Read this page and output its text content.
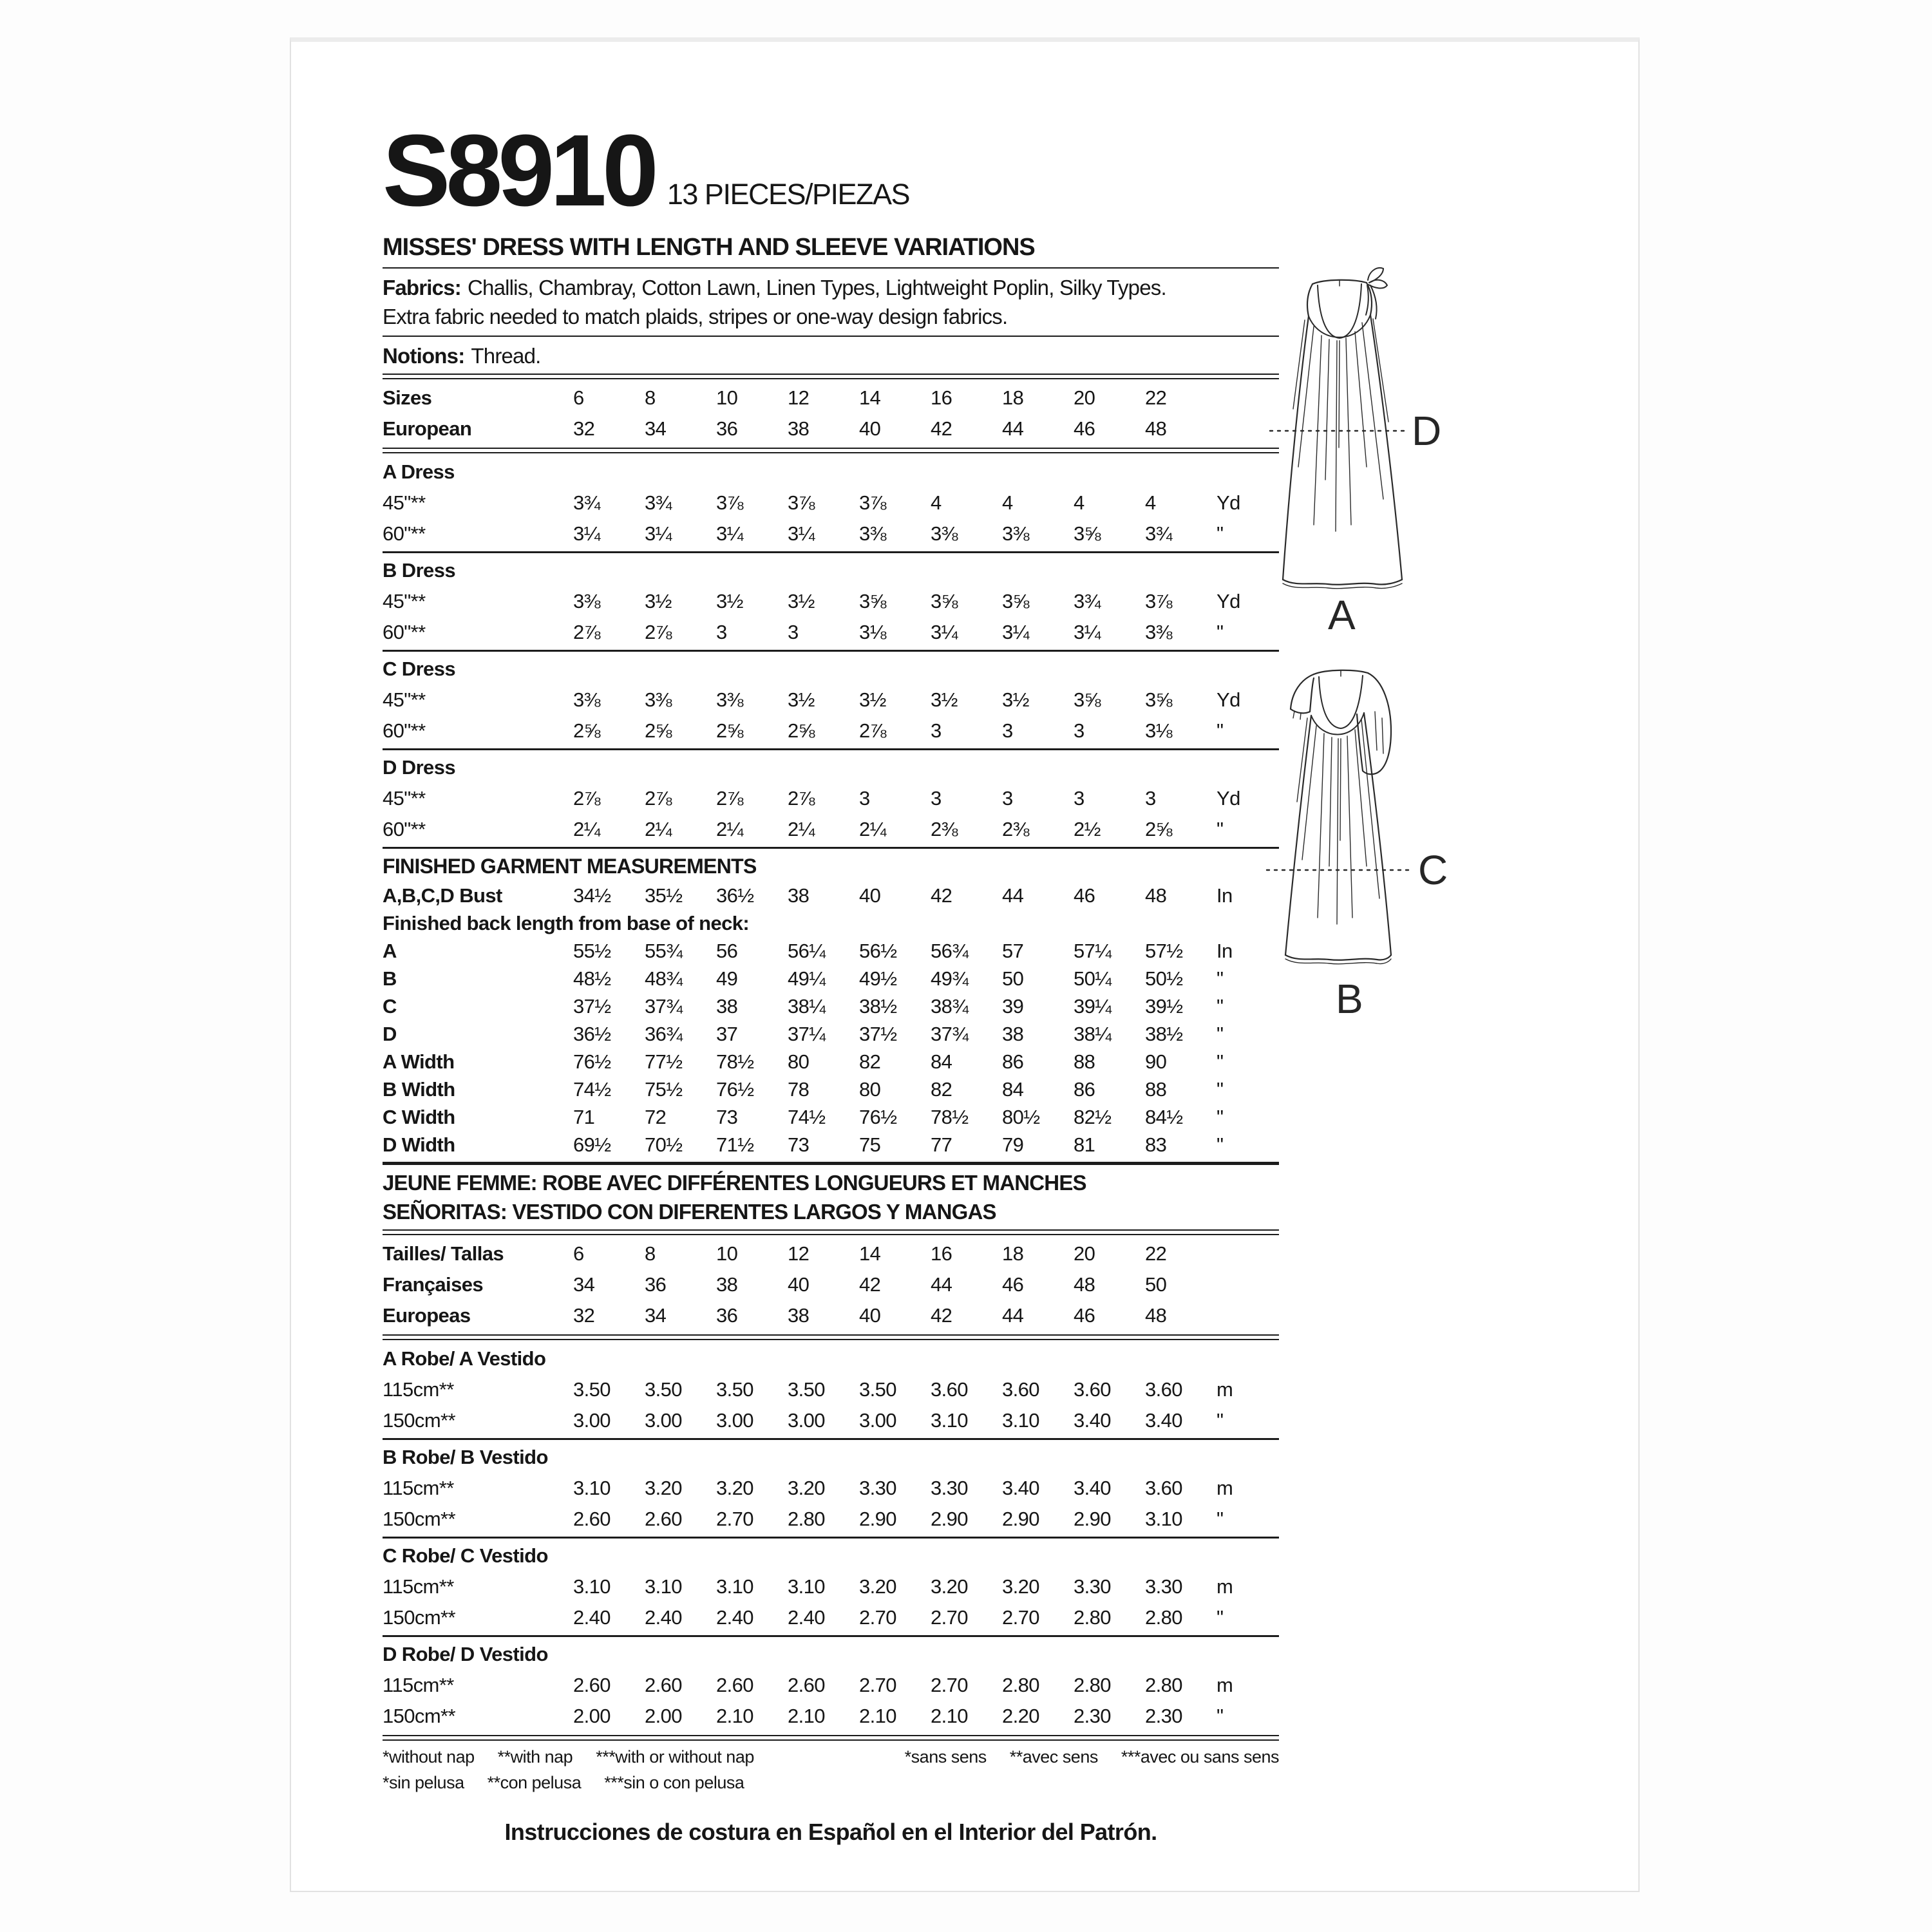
S8910 13 PIECES/PIEZAS
MISSES' DRESS WITH LENGTH AND SLEEVE VARIATIONS

Fabrics: Challis, Chambray, Cotton Lawn, Linen Types, Lightweight Poplin, Silky Types.

Extra fabric needed to match plaids, stripes or one-way design fabrics.

Notions: Thread.

Sizes	6	8	10	12	14	16	18	20	22
European	32	34	36	38	40	42	44	46	48
A Dress
45"**	3¾	3¾	3⅞	3⅞	3⅞	4	4	4	4	Yd
60"**	3¼	3¼	3¼	3¼	3⅜	3⅜	3⅜	3⅝	3¾	"
B Dress
45"**	3⅜	3½	3½	3½	3⅝	3⅝	3⅝	3¾	3⅞	Yd
60"**	2⅞	2⅞	3	3	3⅛	3¼	3¼	3¼	3⅜	"
C Dress
45"**	3⅜	3⅜	3⅜	3½	3½	3½	3½	3⅝	3⅝	Yd
60"**	2⅝	2⅝	2⅝	2⅝	2⅞	3	3	3	3⅛	"
D Dress
45"**	2⅞	2⅞	2⅞	2⅞	3	3	3	3	3	Yd
60"**	2¼	2¼	2¼	2¼	2¼	2⅜	2⅜	2½	2⅝	"
FINISHED GARMENT MEASUREMENTS
A,B,C,D Bust	34½	35½	36½	38	40	42	44	46	48	In
Finished back length from base of neck:
A	55½	55¾	56	56¼	56½	56¾	57	57¼	57½	In
B	48½	48¾	49	49¼	49½	49¾	50	50¼	50½	"
C	37½	37¾	38	38¼	38½	38¾	39	39¼	39½	"
D	36½	36¾	37	37¼	37½	37¾	38	38¼	38½	"
A Width	76½	77½	78½	80	82	84	86	88	90	"
B Width	74½	75½	76½	78	80	82	84	86	88	"
C Width	71	72	73	74½	76½	78½	80½	82½	84½	"
D Width	69½	70½	71½	73	75	77	79	81	83	"
JEUNE FEMME: ROBE AVEC DIFFÉRENTES LONGUEURS ET MANCHES
SEÑORITAS: VESTIDO CON DIFERENTES LARGOS Y MANGAS
Tailles/ Tallas	6	8	10	12	14	16	18	20	22
Françaises	34	36	38	40	42	44	46	48	50
Europeas	32	34	36	38	40	42	44	46	48
A Robe/ A Vestido
115cm**	3.50	3.50	3.50	3.50	3.50	3.60	3.60	3.60	3.60	m
150cm**	3.00	3.00	3.00	3.00	3.00	3.10	3.10	3.40	3.40	"
B Robe/ B Vestido
115cm**	3.10	3.20	3.20	3.20	3.30	3.30	3.40	3.40	3.60	m
150cm**	2.60	2.60	2.70	2.80	2.90	2.90	2.90	2.90	3.10	"
C Robe/ C Vestido
115cm**	3.10	3.10	3.10	3.10	3.20	3.20	3.20	3.30	3.30	m
150cm**	2.40	2.40	2.40	2.40	2.70	2.70	2.70	2.80	2.80	"
D Robe/ D Vestido
115cm**	2.60	2.60	2.60	2.60	2.70	2.70	2.80	2.80	2.80	m
150cm**	2.00	2.00	2.10	2.10	2.10	2.10	2.20	2.30	2.30	"
*without nap **with nap ***with or without nap	*sans sens **avec sens ***avec ou sans sens
*sin pelusa **con pelusa ***sin o con pelusa
Instrucciones de costura en Español en el Interior del Patrón.
D
A
C
B
